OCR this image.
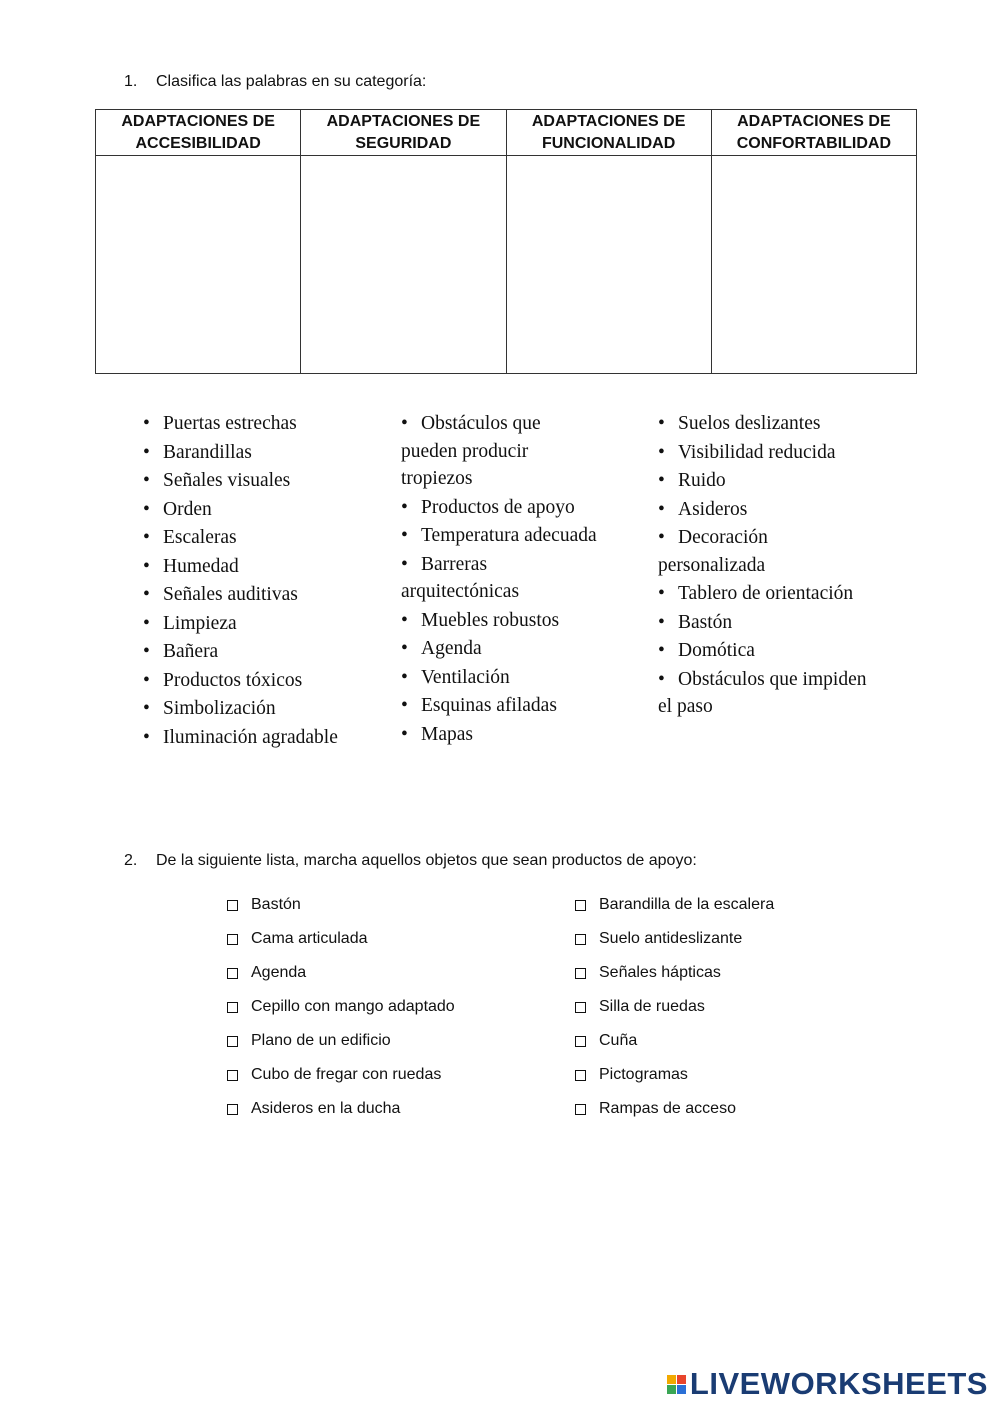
1. Clasifica las palabras en su categoría:
ADAPTACIONES DE
ACCESIBILIDAD	ADAPTACIONES DE
SEGURIDAD	ADAPTACIONES DE
FUNCIONALIDAD	ADAPTACIONES DE
CONFORTABILIDAD

• Puertas estrechas
• Barandillas
• Señales visuales
• Orden
• Escaleras
• Humedad
• Señales auditivas
• Limpieza
• Bañera
• Productos tóxicos
• Simbolización
• Iluminación agradable
• Obstáculos que pueden producir tropiezos
• Productos de apoyo
• Temperatura adecuada
• Barreras arquitectónicas
• Muebles robustos
• Agenda
• Ventilación
• Esquinas afiladas
• Mapas
• Suelos deslizantes
• Visibilidad reducida
• Ruido
• Asideros
• Decoración personalizada
• Tablero de orientación
• Bastón
• Domótica
• Obstáculos que impiden el paso
2. De la siguiente lista, marcha aquellos objetos que sean productos de apoyo:
Bastón
Cama articulada
Agenda
Cepillo con mango adaptado
Plano de un edificio
Cubo de fregar con ruedas
Asideros en la ducha
Barandilla de la escalera
Suelo antideslizante
Señales hápticas
Silla de ruedas
Cuña
Pictogramas
Rampas de acceso
LIVEWORKSHEETS
